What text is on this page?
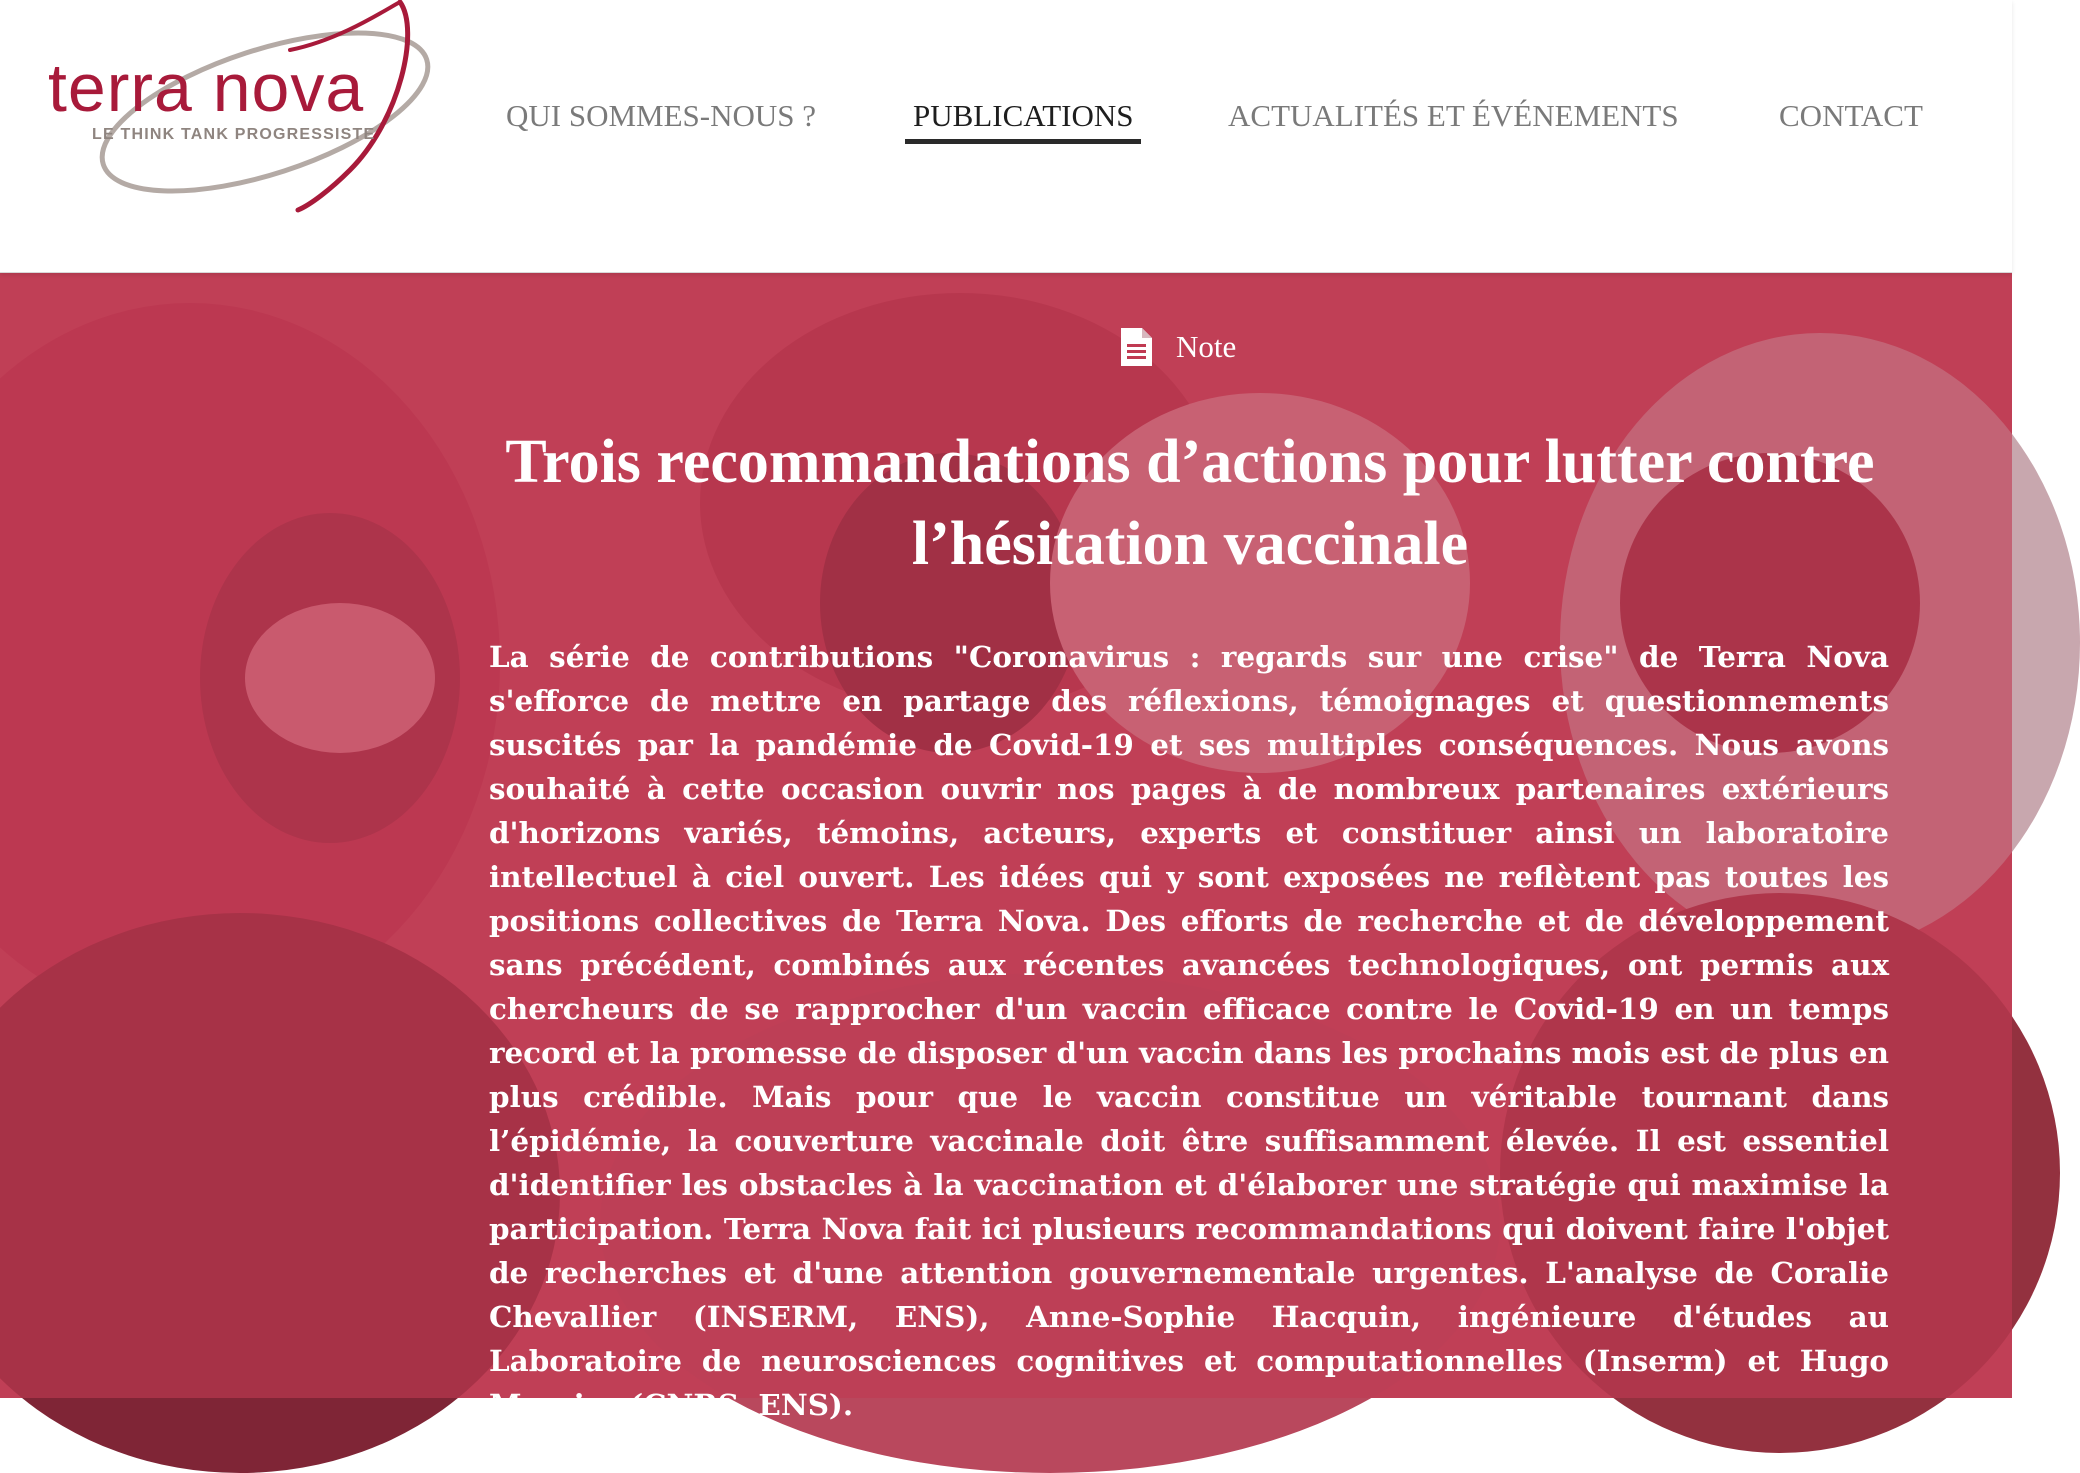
terra nova
LE THINK TANK PROGRESSISTE
QUI SOMMES-NOUS ?	PUBLICATIONS	ACTUALITÉS ET ÉVÉNEMENTS	CONTACT
Note
Trois recommandations d’actions pour lutter contre l’hésitation vaccinale

La série de contributions "Coronavirus : regards sur une crise" de Terra Nova s'efforce de mettre en partage des réflexions, témoignages et questionnements suscités par la pandémie de Covid-19 et ses multiples conséquences. Nous avons souhaité à cette occasion ouvrir nos pages à de nombreux partenaires extérieurs d'horizons variés, témoins, acteurs, experts et constituer ainsi un laboratoire intellectuel à ciel ouvert. Les idées qui y sont exposées ne reflètent pas toutes les positions collectives de Terra Nova. Des efforts de recherche et de développement sans précédent, combinés aux récentes avancées technologiques, ont permis aux chercheurs de se rapprocher d'un vaccin efficace contre le Covid-19 en un temps record et la promesse de disposer d'un vaccin dans les prochains mois est de plus en plus crédible. Mais pour que le vaccin constitue un véritable tournant dans l’épidémie, la couverture vaccinale doit être suffisamment élevée. Il est essentiel d'identifier les obstacles à la vaccination et d'élaborer une stratégie qui maximise la participation. Terra Nova fait ici plusieurs recommandations qui doivent faire l'objet de recherches et d'une attention gouvernementale urgentes. L'analyse de Coralie Chevallier (INSERM, ENS), Anne-Sophie Hacquin, ingénieure d'études au Laboratoire de neurosciences cognitives et computationnelles (Inserm) et Hugo Mercier (CNRS, ENS).
